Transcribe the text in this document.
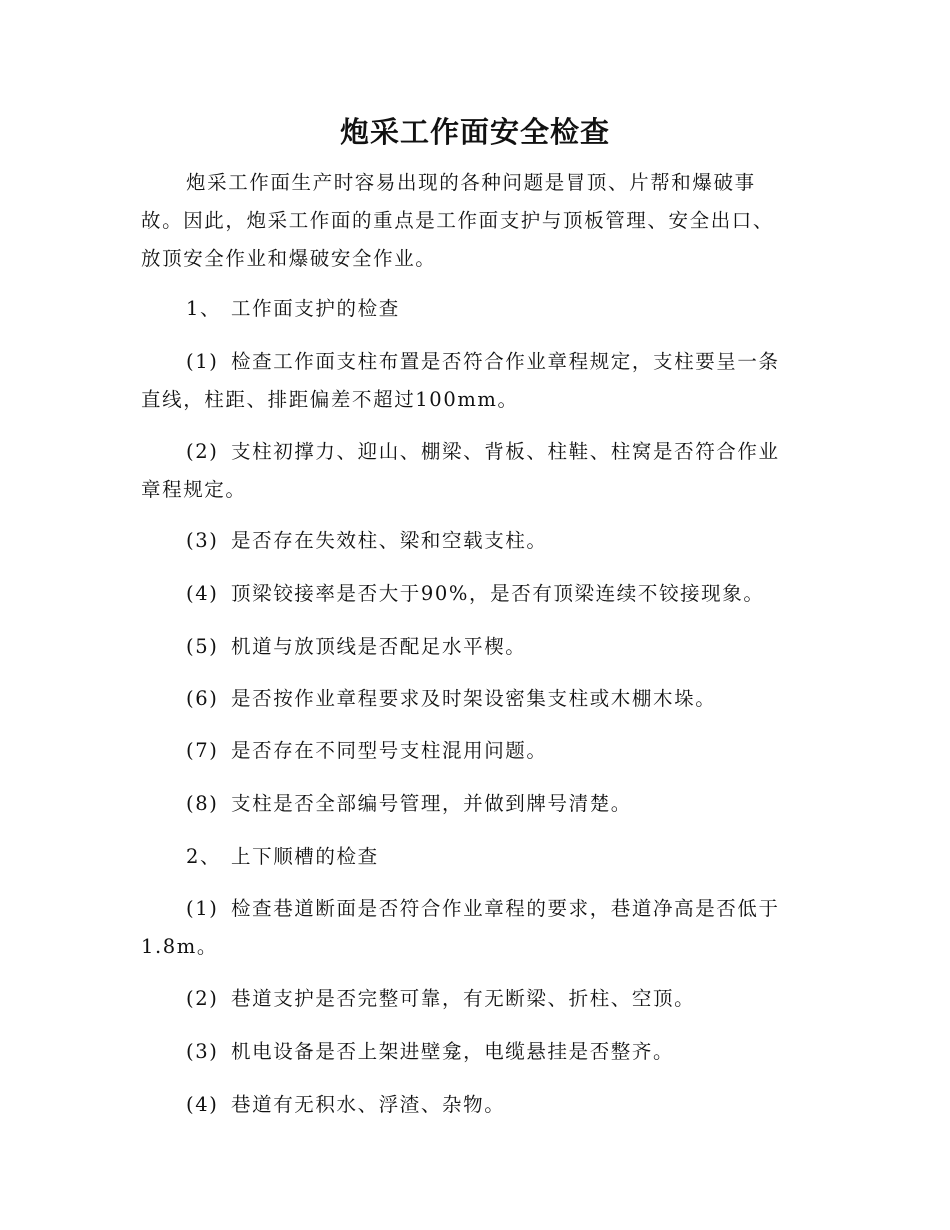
炮采工作面安全检查

炮采工作面生产时容易出现的各种问题是冒顶、片帮和爆破事
故。因此，炮采工作面的重点是工作面支护与顶板管理、安全出口、
放顶安全作业和爆破安全作业。

1、 工作面支护的检查

(1) 检查工作面支柱布置是否符合作业章程规定，支柱要呈一条
直线，柱距、排距偏差不超过100mm。

(2) 支柱初撑力、迎山、棚梁、背板、柱鞋、柱窝是否符合作业
章程规定。

(3) 是否存在失效柱、梁和空载支柱。

(4) 顶梁铰接率是否大于90%，是否有顶梁连续不铰接现象。

(5) 机道与放顶线是否配足水平楔。

(6) 是否按作业章程要求及时架设密集支柱或木棚木垛。

(7) 是否存在不同型号支柱混用问题。

(8) 支柱是否全部编号管理，并做到牌号清楚。

2、 上下顺槽的检查

(1) 检查巷道断面是否符合作业章程的要求，巷道净高是否低于
1.8m。

(2) 巷道支护是否完整可靠，有无断梁、折柱、空顶。

(3) 机电设备是否上架进壁龛，电缆悬挂是否整齐。

(4) 巷道有无积水、浮渣、杂物。
